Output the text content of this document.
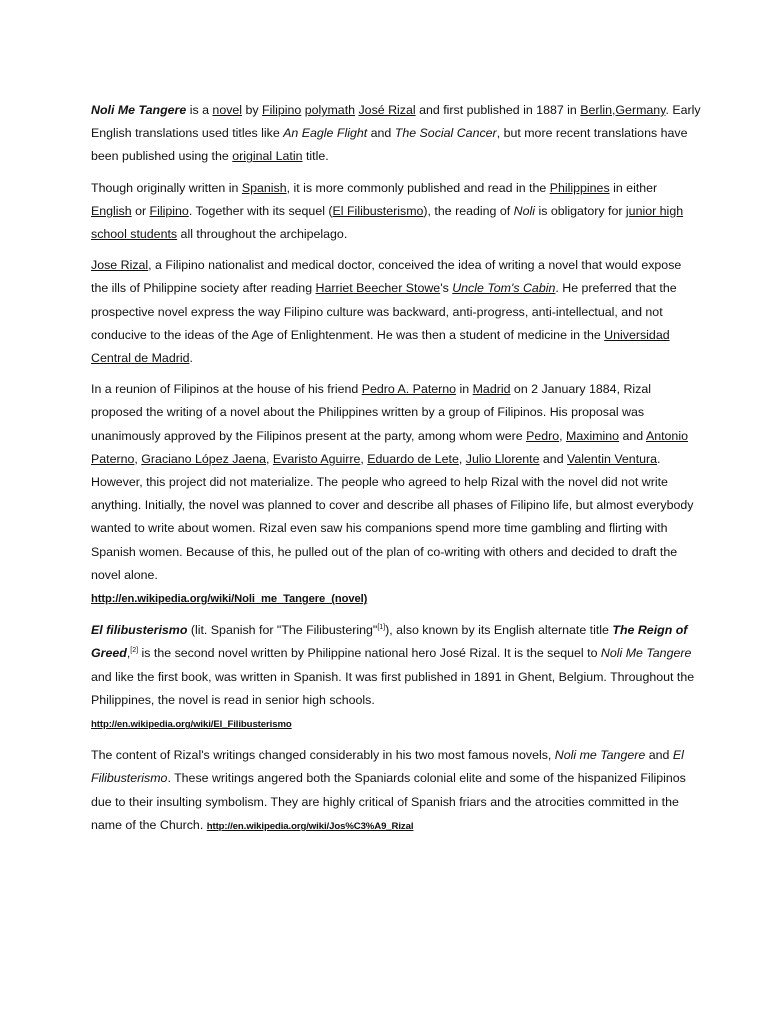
Noli Me Tangere is a novel by Filipino polymath José Rizal and first published in 1887 in Berlin,Germany. Early English translations used titles like An Eagle Flight and The Social Cancer, but more recent translations have been published using the original Latin title.

Though originally written in Spanish, it is more commonly published and read in the Philippines in either English or Filipino. Together with its sequel (El Filibusterismo), the reading of Noli is obligatory for junior high school students all throughout the archipelago.

Jose Rizal, a Filipino nationalist and medical doctor, conceived the idea of writing a novel that would expose the ills of Philippine society after reading Harriet Beecher Stowe's Uncle Tom's Cabin. He preferred that the prospective novel express the way Filipino culture was backward, anti-progress, anti-intellectual, and not conducive to the ideas of the Age of Enlightenment. He was then a student of medicine in the Universidad Central de Madrid.

In a reunion of Filipinos at the house of his friend Pedro A. Paterno in Madrid on 2 January 1884, Rizal proposed the writing of a novel about the Philippines written by a group of Filipinos. His proposal was unanimously approved by the Filipinos present at the party, among whom were Pedro, Maximino and Antonio Paterno, Graciano López Jaena, Evaristo Aguirre, Eduardo de Lete, Julio Llorente and Valentin Ventura. However, this project did not materialize. The people who agreed to help Rizal with the novel did not write anything. Initially, the novel was planned to cover and describe all phases of Filipino life, but almost everybody wanted to write about women. Rizal even saw his companions spend more time gambling and flirting with Spanish women. Because of this, he pulled out of the plan of co-writing with others and decided to draft the novel alone.
http://en.wikipedia.org/wiki/Noli_me_Tangere_(novel)

El filibusterismo (lit. Spanish for "The Filibustering"[1]), also known by its English alternate title The Reign of Greed,[2] is the second novel written by Philippine national hero José Rizal. It is the sequel to Noli Me Tangere and like the first book, was written in Spanish. It was first published in 1891 in Ghent, Belgium. Throughout the Philippines, the novel is read in senior high schools.
http://en.wikipedia.org/wiki/El_Filibusterismo

The content of Rizal's writings changed considerably in his two most famous novels, Noli me Tangere and El Filibusterismo. These writings angered both the Spaniards colonial elite and some of the hispanized Filipinos due to their insulting symbolism. They are highly critical of Spanish friars and the atrocities committed in the name of the Church. http://en.wikipedia.org/wiki/Jos%C3%A9_Rizal
